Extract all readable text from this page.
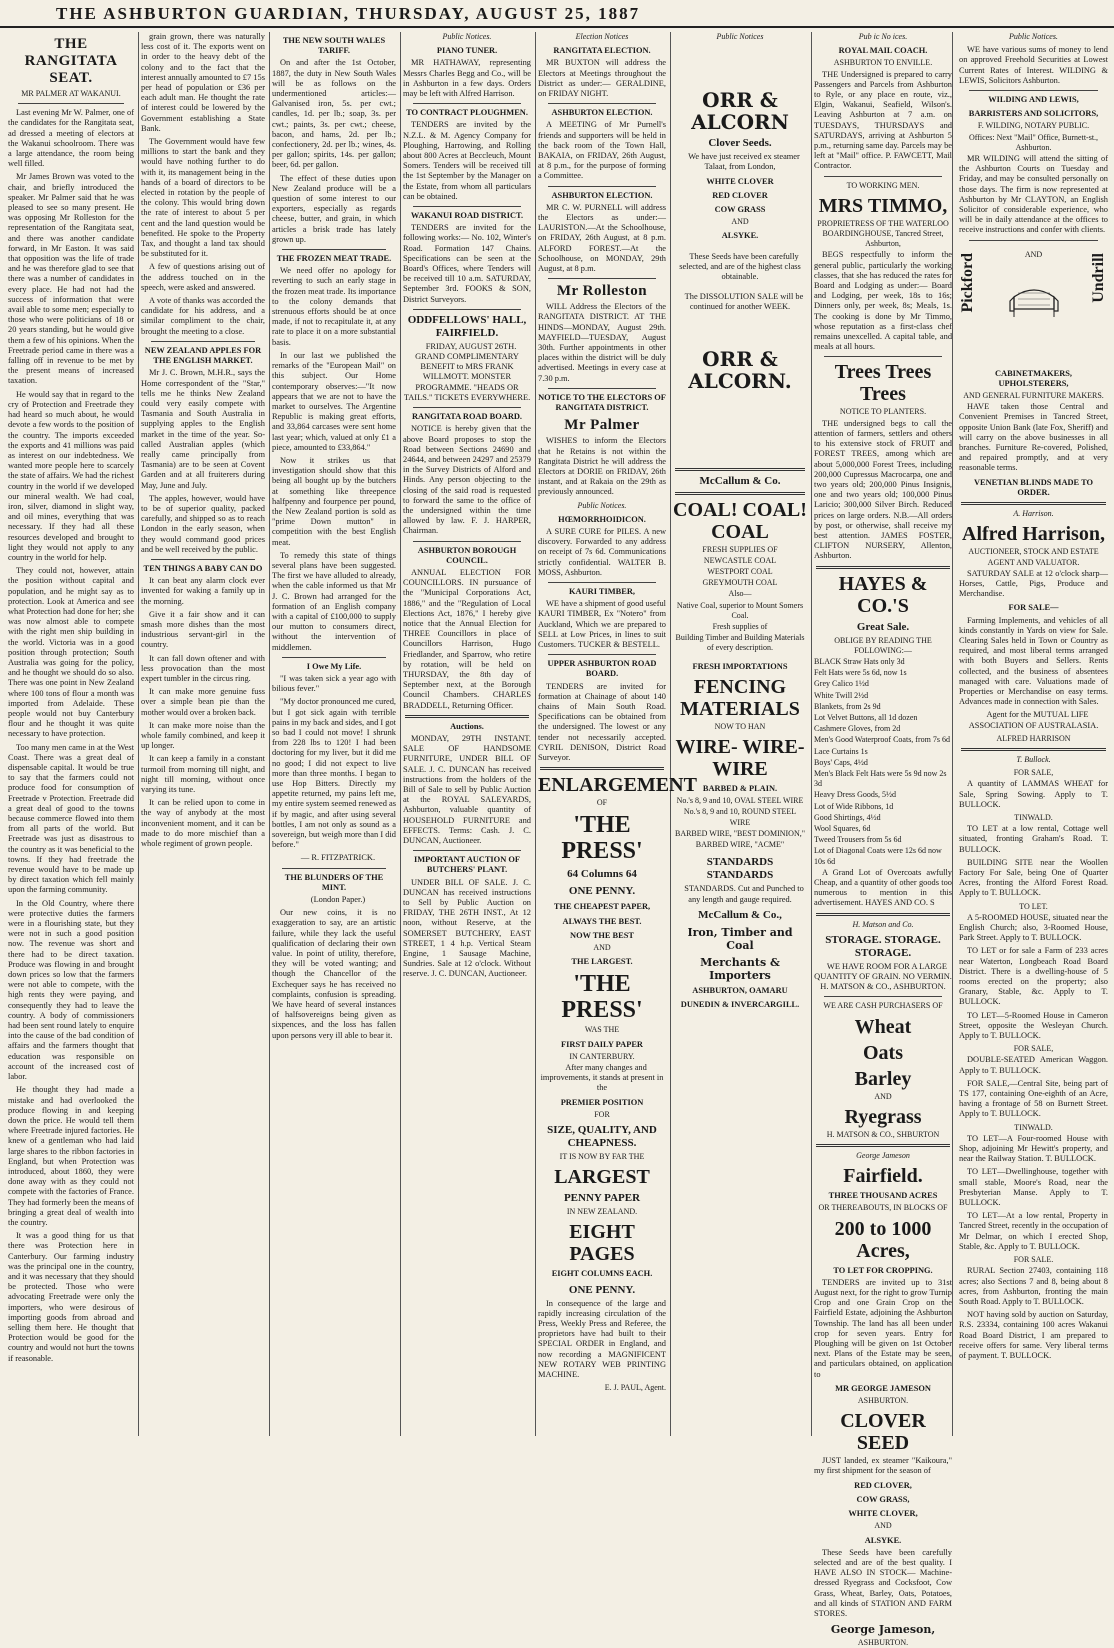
THE ASHBURTON GUARDIAN, THURSDAY, AUGUST 25, 1887
THE RANGITATA SEAT.
MR PALMER AT WAKANUI.

Last evening Mr W. Palmer, one of the candidates for the Rangitata seat, ad dressed a meeting of electors at the Wakanui schoolroom. There was a large attendance, the room being well filled.

Mr James Brown was voted to the chair, and briefly introduced the speaker. Mr Palmer said that he was pleased to see so many present. He was opposing Mr Rolleston for the representation of the Rangitata seat, and there was another candidate forward, in Mr Easton. It was said that opposition was the life of trade and he was therefore glad to see that there was a number of candidates in every place. He had not had the success of information that were avail able to some men; especially to those who were politicians of 18 or 20 years standing, but he would give them a few of his opinions. When the Freetrade period came in there was a falling off in revenue to be met by the present means of increased taxation.

He would say that in regard to the cry of Protection and Freetrade they had heard so much about, he would devote a few words to the position of the country. The imports exceeded the exports and 41 millions was paid as interest on our indebtedness. We wanted more people here to scarcely the state of affairs. We had the richest country in the world if we developed our mineral wealth. We had coal, iron, silver, diamond in slight way, and oil mines, everything that was necessary. If they had all these resources developed and brought to light they would not apply to any country in the world for help.

They could not, however, attain the position without capital and population, and he might say as to protection. Look at America and see what Protection had done for her; she was now almost able to compete with the right men ship building in the world. Victoria was in a good position through protection; South Australia was going for the policy, and he thought we should do so also. There was one point in New Zealand where 100 tons of flour a month was imported from Adelaide. These people would not buy Canterbury flour and he thought it was quite necessary to have protection.

Too many men came in at the West Coast. There was a great deal of dispensable capital. It would be true to say that the farmers could not produce food for consumption of Freetrade v Protection. Freetrade did a great deal of good to the towns because commerce flowed into them from all parts of the world. But Freetrade was just as disastrous to the country as it was beneficial to the towns. If they had freetrade the revenue would have to be made up by direct taxation which fell mainly upon the farming community.

In the Old Country, where there were protective duties the farmers were in a flourishing state, but they were not in such a good position now. The revenue was short and there had to be direct taxation. Produce was flowing in and brought down prices so low that the farmers were not able to compete, with the high rents they were paying, and consequently they had to leave the country. A body of commissioners had been sent round lately to enquire into the cause of the bad condition of affairs and the farmers thought that education was responsible on account of the increased cost of labor.

He thought they had made a mistake and had overlooked the produce flowing in and keeping down the price. He would tell them where Freetrade injured factories. He knew of a gentleman who had laid large shares to the ribbon factories in England, but when Protection was introduced, about 1860, they were done away with as they could not compete with the factories of France. They had formerly been the means of bringing a great deal of wealth into the country.

It was a good thing for us that there was Protection here in Canterbury. Our farming industry was the principal one in the country, and it was necessary that they should be protected. Those who were advocating Freetrade were only the importers, who were desirous of importing goods from abroad and selling them here. He thought that Protection would be good for the country and would not hurt the towns if reasonable.

grain grown, there was naturally less cost of it. The exports went on in order to the heavy debt of the colony and to the fact that the interest annually amounted to £7 15s per head of population or £36 per each adult man. He thought the rate of interest could be lowered by the Government establishing a State Bank.

The Government would have few millions to start the bank and they would have nothing further to do with it, its management being in the hands of a board of directors to be elected in rotation by the people of the colony. This would bring down the rate of interest to about 5 per cent and the land question would be benefited. He spoke to the Property Tax, and thought a land tax should be substituted for it.

A few of questions arising out of the address touched on in the speech, were asked and answered.

A vote of thanks was accorded the candidate for his address, and a similar compliment to the chair, brought the meeting to a close.

NEW ZEALAND APPLES FOR THE ENGLISH MARKET.

Mr J. C. Brown, M.H.R., says the Home correspondent of the "Star," tells me he thinks New Zealand could very easily compete with Tasmania and South Australia in supplying apples to the English market in the time of the year. So-called Australian apples (which really came principally from Tasmania) are to be seen at Covent Garden and at all fruiterers during May, June and July.

The apples, however, would have to be of superior quality, packed carefully, and shipped so as to reach London in the early season, when they would command good prices and be well received by the public.

TEN THINGS A BABY CAN DO

It can beat any alarm clock ever invented for waking a family up in the morning.

Give it a fair show and it can smash more dishes than the most industrious servant-girl in the country.

It can fall down oftener and with less provocation than the most expert tumbler in the circus ring.

It can make more genuine fuss over a simple bean pie than the mother would over a broken back.

It can make more noise than the whole family combined, and keep it up longer.

It can keep a family in a constant turmoil from morning till night, and night till morning, without once varying its tune.

It can be relied upon to come in the way of anybody at the most inconvenient moment, and it can be made to do more mischief than a whole regiment of grown people.

THE NEW SOUTH WALES TARIFF.

On and after the 1st October, 1887, the duty in New South Wales will be as follows on the undermentioned articles:— Galvanised iron, 5s. per cwt.; candles, 1d. per lb.; soap, 3s. per cwt.; paints, 3s. per cwt.; cheese, bacon, and hams, 2d. per lb.; confectionery, 2d. per lb.; wines, 4s. per gallon; spirits, 14s. per gallon; beer, 6d. per gallon.

The effect of these duties upon New Zealand produce will be a question of some interest to our exporters, especially as regards cheese, butter, and grain, in which articles a brisk trade has lately grown up.

THE FROZEN MEAT TRADE.

We need offer no apology for reverting to such an early stage in the frozen meat trade. Its importance to the colony demands that strenuous efforts should be at once made, if not to recapitulate it, at any rate to place it on a more substantial basis.

In our last we published the remarks of the "European Mail" on this subject. Our Home contemporary observes:—"It now appears that we are not to have the market to ourselves. The Argentine Republic is making great efforts, and 33,864 carcases were sent home last year; which, valued at only £1 a piece, amounted to £33,864."

Now it strikes us that investigation should show that this being all bought up by the butchers at something like threepence halfpenny and fourpence per pound, the New Zealand portion is sold as "prime Down mutton" in competition with the best English meat.

To remedy this state of things several plans have been suggested. The first we have alluded to already, when the cable informed us that Mr J. C. Brown had arranged for the formation of an English company with a capital of £100,000 to supply our mutton to consumers direct, without the intervention of middlemen.

I Owe My Life.

"I was taken sick a year ago with bilious fever."

"My doctor pronounced me cured, but I got sick again with terrible pains in my back and sides, and I got so bad I could not move! I shrunk from 228 lbs to 120! I had been doctoring for my liver, but it did me no good; I did not expect to live more than three months. I began to use Hop Bitters. Directly my appetite returned, my pains left me, my entire system seemed renewed as if by magic, and after using several bottles, I am not only as sound as a sovereign, but weigh more than I did before."

— R. FITZPATRICK.

THE BLUNDERS OF THE MINT.

(London Paper.)

Our new coins, it is no exaggeration to say, are an artistic failure, while they lack the useful qualification of declaring their own value. In point of utility, therefore, they will be voted wanting; and though the Chancellor of the Exchequer says he has received no complaints, confusion is spreading. We have heard of several instances of halfsovereigns being given as sixpences, and the loss has fallen upon persons very ill able to bear it.

Public Notices.
PIANO TUNER.

MR HATHAWAY, representing Messrs Charles Begg and Co., will be in Ashburton in a few days. Orders may be left with Alfred Harrison.

TO CONTRACT PLOUGHMEN.

TENDERS are invited by the N.Z.L. & M. Agency Company for Ploughing, Harrowing, and Rolling about 800 Acres at Beccleuch, Mount Somers. Tenders will be received till the 1st September by the Manager on the Estate, from whom all particulars can be obtained.

WAKANUI ROAD DISTRICT.

TENDERS are invited for the following works:— No. 102, Winter's Road. Formation 147 Chains. Specifications can be seen at the Board's Offices, where Tenders will be received till 10 a.m. SATURDAY, September 3rd. FOOKS & SON, District Surveyors.

ODDFELLOWS' HALL, FAIRFIELD.

FRIDAY, AUGUST 26TH. GRAND COMPLIMENTARY BENEFIT to MRS FRANK WILLMOTT. MONSTER PROGRAMME. "HEADS OR TAILS." TICKETS EVERYWHERE.

RANGITATA ROAD BOARD.

NOTICE is hereby given that the above Board proposes to stop the Road between Sections 24690 and 24644, and between 24297 and 25379 in the Survey Districts of Alford and Hinds. Any person objecting to the closing of the said road is requested to forward the same to the office of the undersigned within the time allowed by law. F. J. HARPER, Chairman.

ASHBURTON BOROUGH COUNCIL.

ANNUAL ELECTION FOR COUNCILLORS. IN pursuance of the "Municipal Corporations Act, 1886," and the "Regulation of Local Elections Act, 1876," I hereby give notice that the Annual Election for THREE Councillors in place of Councillors Harrison, Hugo Friedlander, and Sparrow, who retire by rotation, will be held on THURSDAY, the 8th day of September next, at the Borough Council Chambers. CHARLES BRADDELL, Returning Officer.

Auctions.

MONDAY, 29TH INSTANT. SALE OF HANDSOME FURNITURE, UNDER BILL OF SALE. J. C. DUNCAN has received instructions from the holders of the Bill of Sale to sell by Public Auction at the ROYAL SALEYARDS, Ashburton, valuable quantity of HOUSEHOLD FURNITURE and EFFECTS. Terms: Cash. J. C. DUNCAN, Auctioneer.

IMPORTANT AUCTION OF BUTCHERS' PLANT.

UNDER BILL OF SALE. J. C. DUNCAN has received instructions to Sell by Public Auction on FRIDAY, THE 26TH INST., At 12 noon, without Reserve, at the SOMERSET BUTCHERY, EAST STREET, 1 4 h.p. Vertical Steam Engine, 1 Sausage Machine, Sundries. Sale at 12 o'clock. Without reserve. J. C. DUNCAN, Auctioneer.

Election Notices
RANGITATA ELECTION.

MR BUXTON will address the Electors at Meetings throughout the District as under:— GERALDINE, on FRIDAY NIGHT.

ASHBURTON ELECTION.

A MEETING of Mr Purnell's friends and supporters will be held in the back room of the Town Hall, BAKAIA, on FRIDAY, 26th August, at 8 p.m., for the purpose of forming a Committee.

ASHBURTON ELECTION.

MR C. W. PURNELL will address the Electors as under:— LAURISTON.—At the Schoolhouse, on FRIDAY, 26th August, at 8 p.m. ALFORD FOREST.—At the Schoolhouse, on MONDAY, 29th August, at 8 p.m.

Mr Rolleston

WILL Address the Electors of the RANGITATA DISTRICT. AT THE HINDS—MONDAY, August 29th. MAYFIELD—TUESDAY, August 30th. Further appointments in other places within the district will be duly advertised. Meetings in every case at 7.30 p.m.

NOTICE TO THE ELECTORS OF RANGITATA DISTRICT.
Mr Palmer

WISHES to inform the Electors that he Retains is not within the Rangitata District he will address the Electors at DORIE on FRIDAY, 26th instant, and at Rakaia on the 29th as previously announced.

Public Notices.
HŒMORRHOIDICON.

A SURE CURE for PILES. A new discovery. Forwarded to any address on receipt of 7s 6d. Communications strictly confidential. WALTER B. MOSS, Ashburton.

KAURI TIMBER,

WE have a shipment of good useful KAURI TIMBER, Ex "Notero" from Auckland, Which we are prepared to SELL at Low Prices, in lines to suit Customers. TUCKER & BESTELL.

UPPER ASHBURTON ROAD BOARD.

TENDERS are invited for formation at Chainage of about 140 chains of Main South Road. Specifications can be obtained from the undersigned. The lowest or any tender not necessarily accepted. CYRIL DENISON, District Road Surveyor.

ENLARGEMENT
OF
'THE PRESS'
64 Columns 64
ONE PENNY.
THE CHEAPEST PAPER,
ALWAYS THE BEST.
NOW THE BEST
AND
THE LARGEST.
'THE PRESS'
WAS THE
FIRST DAILY PAPER
IN CANTERBURY.

After many changes and improvements, it stands at present in the

PREMIER POSITION
FOR
SIZE, QUALITY, AND CHEAPNESS.
IT IS NOW BY FAR THE
LARGEST
PENNY PAPER
IN NEW ZEALAND.
EIGHT PAGES
EIGHT COLUMNS EACH.
ONE PENNY.

In consequence of the large and rapidly increasing circulation of the Press, Weekly Press and Referee, the proprietors have had built to their SPECIAL ORDER in England, and now recording a MAGNIFICENT NEW ROTARY WEB PRINTING MACHINE.

E. J. PAUL, Agent.
Public Notices
ORR & ALCORN
Clover Seeds.

We have just received ex steamer Talaat, from London,

WHITE CLOVER
RED CLOVER
COW GRASS
AND
ALSYKE.

These Seeds have been carefully selected, and are of the highest class obtainable.

The DISSOLUTION SALE will be continued for another WEEK.

ORR & ALCORN.
McCallum & Co.
COAL! COAL! COAL
FRESH SUPPLIES OF
NEWCASTLE COAL
WESTPORT COAL
GREYMOUTH COAL
Also—
Native Coal, superior to Mount Somers Coal.
Fresh supplies of
Building Timber and Building Materials of every description.
FRESH IMPORTATIONS
FENCING MATERIALS
NOW TO HAN
WIRE- WIRE- WIRE
BARBED & PLAIN.
No.'s 8, 9 and 10, OVAL STEEL WIRE
No.'s 8, 9 and 10, ROUND STEEL WIRE
BARBED WIRE, "BEST DOMINION,"
BARBED WIRE, "ACME"
STANDARDS STANDARDS

STANDARDS. Cut and Punched to any length and gauge required.

McCallum & Co.,
Iron, Timber and Coal
Merchants & Importers
ASHBURTON, OAMARU
DUNEDIN & INVERCARGILL.
Pub ic No ices.
ROYAL MAIL COACH.
ASHBURTON TO ENVILLE.

THE Undersigned is prepared to carry Passengers and Parcels from Ashburton to Ryle, or any place en route, viz., Elgin, Wakanui, Seafield, Wilson's. Leaving Ashburton at 7 a.m. on TUESDAYS, THURSDAYS and SATURDAYS, arriving at Ashburton 5 p.m., returning same day. Parcels may be left at "Mail" office. P. FAWCETT, Mail Contractor.

TO WORKING MEN.
MRS TIMMO,
PROPRIETRESS OF THE WATERLOO BOARDINGHOUSE, Tancred Street, Ashburton,

BEGS respectfully to inform the general public, particularly the working classes, that she has reduced the rates for Board and Lodging as under:— Board and Lodging, per week, 18s to 16s; Dinners only, per week, 8s; Meals, 1s. The cooking is done by Mr Timmo, whose reputation as a first-class chef remains unexcelled. A capital table, and meals at all hours.

Trees Trees Trees
NOTICE TO PLANTERS.

THE undersigned begs to call the attention of farmers, settlers and others to his extensive stock of FRUIT and FOREST TREES, among which are about 5,000,000 Forest Trees, including 200,000 Cupressus Macrocarpa, one and two years old; 200,000 Pinus Insignis, one and two years old; 100,000 Pinus Laricio; 300,000 Silver Birch. Reduced prices on large orders. N.B.—All orders by post, or otherwise, shall receive my best attention. JAMES FOSTER, CLIFTON NURSERY, Allenton, Ashburton.

HAYES & CO.'S
Great Sale.
OBLIGE BY READING THE FOLLOWING:—
BLACK Straw Hats only 3d
Felt Hats were 5s 6d, now 1s
Grey Calico 1½d
White Twill 2½d
Blankets, from 2s 9d
Lot Velvet Buttons, all 1d dozen
Cashmere Gloves, from 2d
Men's Good Waterproof Coats, from 7s 6d
Lace Curtains 1s
Boys' Caps, 4½d
Men's Black Felt Hats were 5s 9d now 2s 3d
Heavy Dress Goods, 5½d
Lot of Wide Ribbons, 1d
Good Shirtings, 4½d
Wool Squares, 6d
Tweed Trousers from 5s 6d
Lot of Diagonal Coats were 12s 6d now 10s 6d

A Grand Lot of Overcoats awfully Cheap, and a quantity of other goods too numerous to mention in this advertisement. HAYES AND CO. S

H. Matson and Co.
STORAGE. STORAGE. STORAGE.

WE HAVE ROOM FOR A LARGE QUANTITY OF GRAIN. NO VERMIN. H. MATSON & CO., ASHBURTON.

WE ARE CASH PURCHASERS OF
Wheat
Oats
Barley
AND
Ryegrass
H. MATSON & CO., SHBURTON
George Jameson
Fairfield.
THREE THOUSAND ACRES
OR THEREABOUTS, IN BLOCKS OF
200 to 1000 Acres,
TO LET FOR CROPPING.

TENDERS are invited up to 31st August next, for the right to grow Turnip Crop and one Grain Crop on the Fairfield Estate, adjoining the Ashburton Township. The land has all been under crop for seven years. Entry for Ploughing will be given on 1st October next. Plans of the Estate may be seen, and particulars obtained, on application to

MR GEORGE JAMESON
ASHBURTON.
CLOVER SEED

JUST landed, ex steamer "Kaikoura," my first shipment for the season of

RED CLOVER,
COW GRASS,
WHITE CLOVER,
AND
ALSYKE.

These Seeds have been carefully selected and are of the best quality. I HAVE ALSO IN STOCK— Machine-dressed Ryegrass and Cocksfoot, Cow Grass, Wheat, Barley, Oats, Potatoes, and all kinds of STATION AND FARM STORES.

George Jameson,
ASHBURTON.
Public Notices.

WE have various sums of money to lend on approved Freehold Securities at Lowest Current Rates of Interest. WILDING & LEWIS, Solicitors Ashburton.

WILDING AND LEWIS,
BARRISTERS AND SOLICITORS,
F. WILDING, NOTARY PUBLIC.
Offices: Next "Mail" Office, Burnett-st., Ashburton.

MR WILDING will attend the sitting of the Ashburton Courts on Tuesday and Friday, and may be consulted personally on those days. The firm is now represented at Ashburton by Mr CLAYTON, an English Solicitor of considerable experience, who will be in daily attendance at the offices to receive instructions and confer with clients.

Pickford	AND	Undrill
CABINETMAKERS, UPHOLSTERERS,
AND GENERAL FURNITURE MAKERS.

HAVE taken those Central and Convenient Premises in Tancred Street, opposite Union Bank (late Fox, Sheriff) and will carry on the above businesses in all branches. Furniture Re-covered, Polished, and repaired promptly, and at very reasonable terms.

VENETIAN BLINDS MADE TO ORDER.
A. Harrison.
Alfred Harrison,
AUCTIONEER, STOCK AND ESTATE AGENT AND VALUATOR.

SATURDAY SALE at 12 o'clock sharp—Horses, Cattle, Pigs, Produce and Merchandise.

FOR SALE—

Farming Implements, and vehicles of all kinds constantly in Yards on view for Sale. Clearing Sales held in Town or Country as required, and most liberal terms arranged with both Buyers and Sellers. Rents collected, and the business of absentees managed with care. Valuations made of Properties or Merchandise on easy terms. Advances made in connection with Sales.

Agent for the MUTUAL LIFE ASSOCIATION OF AUSTRALASIA.

ALFRED HARRISON
T. Bullock.
FOR SALE,

A quantity of LAMMAS WHEAT for Sale, Spring Sowing. Apply to T. BULLOCK.

TINWALD.

TO LET at a low rental, Cottage well situated, fronting Graham's Road. T. BULLOCK.

BUILDING SITE near the Woollen Factory For Sale, being One of Quarter Acres, fronting the Alford Forest Road. Apply to T. BULLOCK.

TO LET.

A 5-ROOMED HOUSE, situated near the English Church; also, 3-Roomed House, Park Street. Apply to T. BULLOCK.

TO LET or for sale a Farm of 233 acres near Waterton, Longbeach Road Board District. There is a dwelling-house of 5 rooms erected on the property; also Granary, Stable, &c. Apply to T. BULLOCK.

TO LET—5-Roomed House in Cameron Street, opposite the Wesleyan Church. Apply to T. BULLOCK.

FOR SALE,

DOUBLE-SEATED American Waggon. Apply to T. BULLOCK.

FOR SALE,—Central Site, being part of TS 177, containing One-eighth of an Acre, having a frontage of 58 on Burnett Street. Apply to T. BULLOCK.

TINWALD.

TO LET—A Four-roomed House with Shop, adjoining Mr Hewitt's property, and near the Railway Station. T. BULLOCK.

TO LET—Dwellinghouse, together with small stable, Moore's Road, near the Presbyterian Manse. Apply to T. BULLOCK.

TO LET—At a low rental, Property in Tancred Street, recently in the occupation of Mr Delmar, on which I erected Shop, Stable, &c. Apply to T. BULLOCK.

FOR SALE.

RURAL Section 27403, containing 118 acres; also Sections 7 and 8, being about 8 acres, from Ashburton, fronting the main South Road. Apply to T. BULLOCK.

NOT having sold by auction on Saturday, R.S. 23334, containing 100 acres Wakanui Road Board District, I am prepared to receive offers for same. Very liberal terms of payment. T. BULLOCK.
